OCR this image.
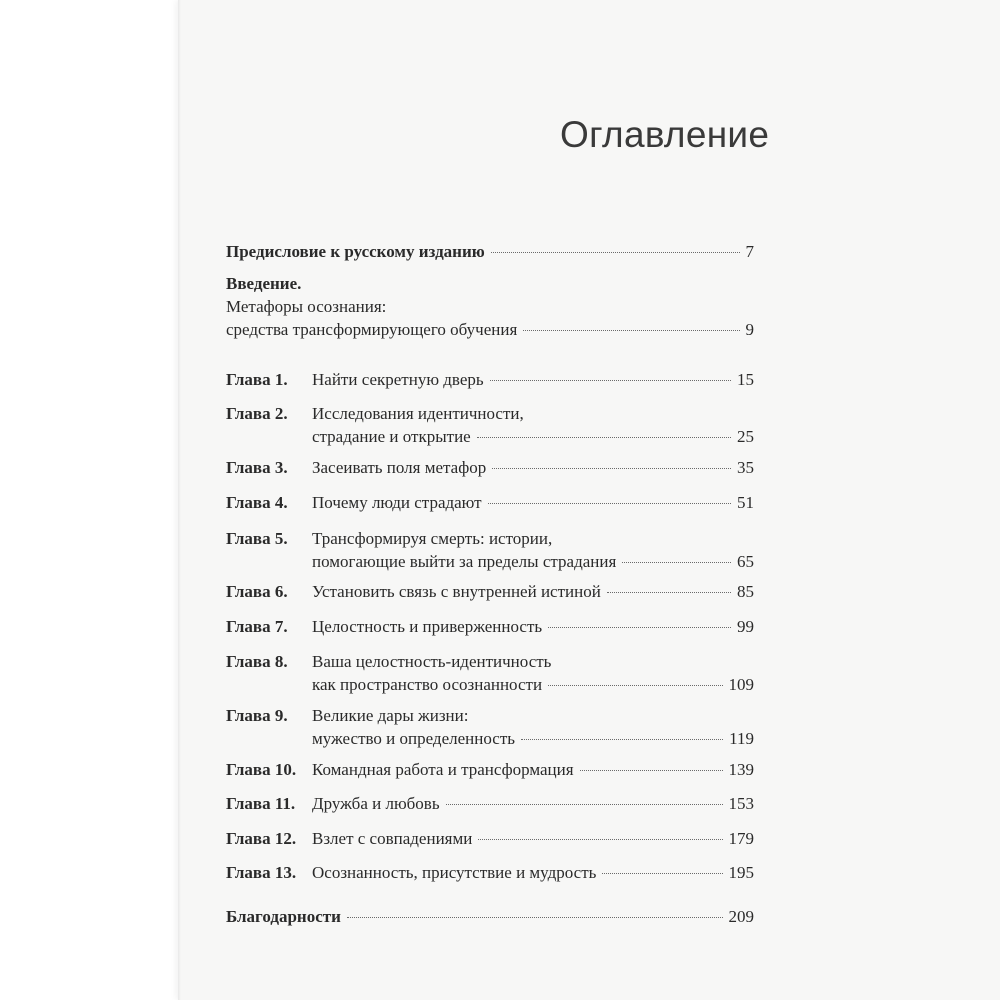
Оглавление
Предисловие к русскому изданию	7
Введение.
Метафоры осознания:
средства трансформирующего обучения	9
Глава 1. Найти секретную дверь	15
Глава 2. Исследования идентичности,
страдание и открытие	25
Глава 3. Засеивать поля метафор	35
Глава 4. Почему люди страдают	51
Глава 5. Трансформируя смерть: истории,
помогающие выйти за пределы страдания	65
Глава 6. Установить связь с внутренней истиной	85
Глава 7. Целостность и приверженность	99
Глава 8. Ваша целостность-идентичность
как пространство осознанности	109
Глава 9. Великие дары жизни:
мужество и определенность	119
Глава 10. Командная работа и трансформация	139
Глава 11. Дружба и любовь	153
Глава 12. Взлет с совпадениями	179
Глава 13. Осознанность, присутствие и мудрость	195
Благодарности	209
